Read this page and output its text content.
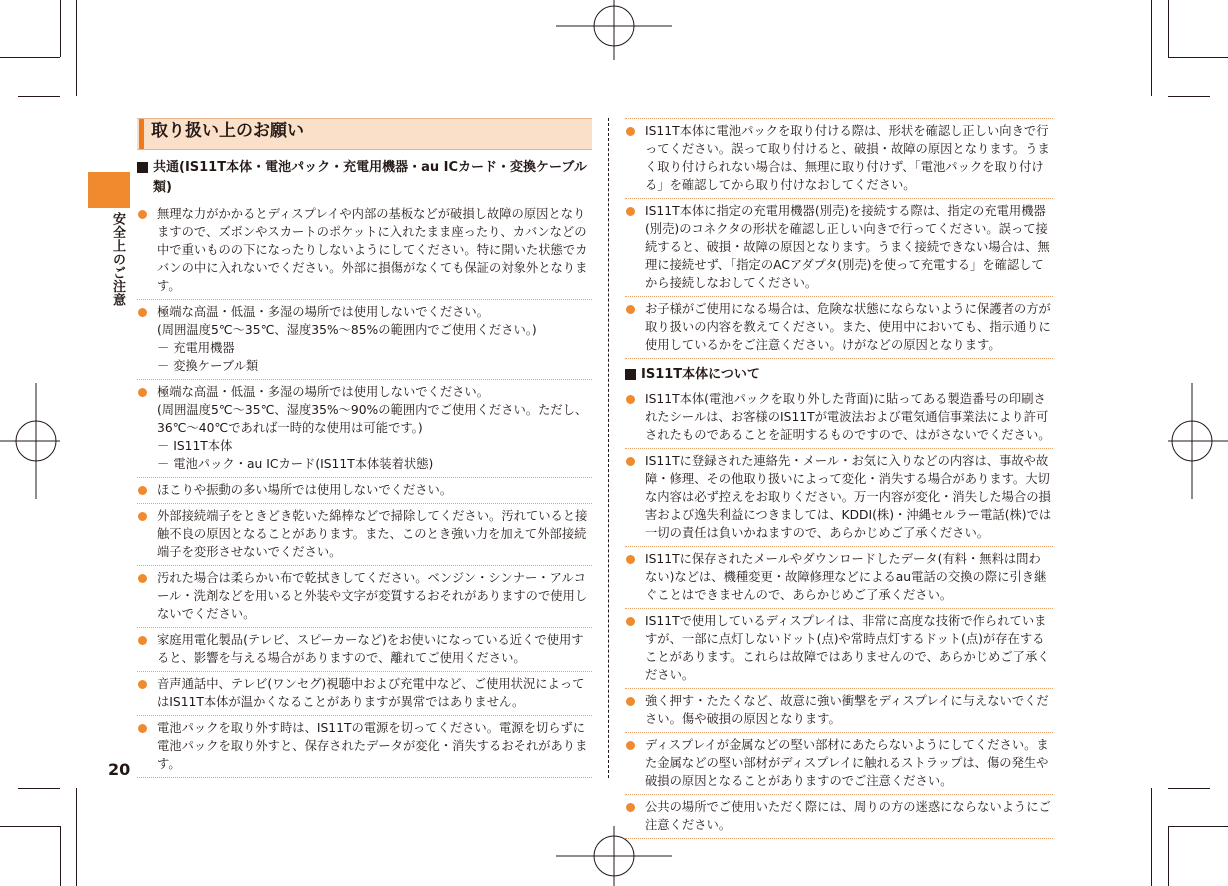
安全上のご注意
20
取り扱い上のお願い
共通(IS11T本体・電池パック・充電用機器・au ICカード・変換ケーブル類)
無理な力がかかるとディスプレイや内部の基板などが破損し故障の原因となりますので、ズボンやスカートのポケットに入れたまま座ったり、カバンなどの中で重いものの下になったりしないようにしてください。特に開いた状態でカバンの中に入れないでください。外部に損傷がなくても保証の対象外となります。
極端な高温・低温・多湿の場所では使用しないでください。
(周囲温度5℃～35℃、湿度35%～85%の範囲内でご使用ください。)
－ 充電用機器
－ 変換ケーブル類
極端な高温・低温・多湿の場所では使用しないでください。
(周囲温度5℃～35℃、湿度35%～90%の範囲内でご使用ください。ただし、36℃～40℃であれば一時的な使用は可能です。)
－ IS11T本体
－ 電池パック・au ICカード(IS11T本体装着状態)
ほこりや振動の多い場所では使用しないでください。
外部接続端子をときどき乾いた綿棒などで掃除してください。汚れていると接触不良の原因となることがあります。また、このとき強い力を加えて外部接続端子を変形させないでください。
汚れた場合は柔らかい布で乾拭きしてください。ベンジン・シンナー・アルコール・洗剤などを用いると外装や文字が変質するおそれがありますので使用しないでください。
家庭用電化製品(テレビ、スピーカーなど)をお使いになっている近くで使用すると、影響を与える場合がありますので、離れてご使用ください。
音声通話中、テレビ(ワンセグ)視聴中および充電中など、ご使用状況によってはIS11T本体が温かくなることがありますが異常ではありません。
電池パックを取り外す時は、IS11Tの電源を切ってください。電源を切らずに電池パックを取り外すと、保存されたデータが変化・消失するおそれがあります。
IS11T本体に電池パックを取り付ける際は、形状を確認し正しい向きで行ってください。誤って取り付けると、破損・故障の原因となります。うまく取り付けられない場合は、無理に取り付けず、「電池パックを取り付ける」を確認してから取り付けなおしてください。
IS11T本体に指定の充電用機器(別売)を接続する際は、指定の充電用機器(別売)のコネクタの形状を確認し正しい向きで行ってください。誤って接続すると、破損・故障の原因となります。うまく接続できない場合は、無理に接続せず、「指定のACアダプタ(別売)を使って充電する」を確認してから接続しなおしてください。
お子様がご使用になる場合は、危険な状態にならないように保護者の方が取り扱いの内容を教えてください。また、使用中においても、指示通りに使用しているかをご注意ください。けがなどの原因となります。
IS11T本体について
IS11T本体(電池パックを取り外した背面)に貼ってある製造番号の印刷されたシールは、お客様のIS11Tが電波法および電気通信事業法により許可されたものであることを証明するものですので、はがさないでください。
IS11Tに登録された連絡先・メール・お気に入りなどの内容は、事故や故障・修理、その他取り扱いによって変化・消失する場合があります。大切な内容は必ず控えをお取りください。万一内容が変化・消失した場合の損害および逸失利益につきましては、KDDI(株)・沖縄セルラー電話(株)では一切の責任は負いかねますので、あらかじめご了承ください。
IS11Tに保存されたメールやダウンロードしたデータ(有料・無料は問わない)などは、機種変更・故障修理などによるau電話の交換の際に引き継ぐことはできませんので、あらかじめご了承ください。
IS11Tで使用しているディスプレイは、非常に高度な技術で作られていますが、一部に点灯しないドット(点)や常時点灯するドット(点)が存在することがあります。これらは故障ではありませんので、あらかじめご了承ください。
強く押す・たたくなど、故意に強い衝撃をディスプレイに与えないでください。傷や破損の原因となります。
ディスプレイが金属などの堅い部材にあたらないようにしてください。また金属などの堅い部材がディスプレイに触れるストラップは、傷の発生や破損の原因となることがありますのでご注意ください。
公共の場所でご使用いただく際には、周りの方の迷惑にならないようにご注意ください。
